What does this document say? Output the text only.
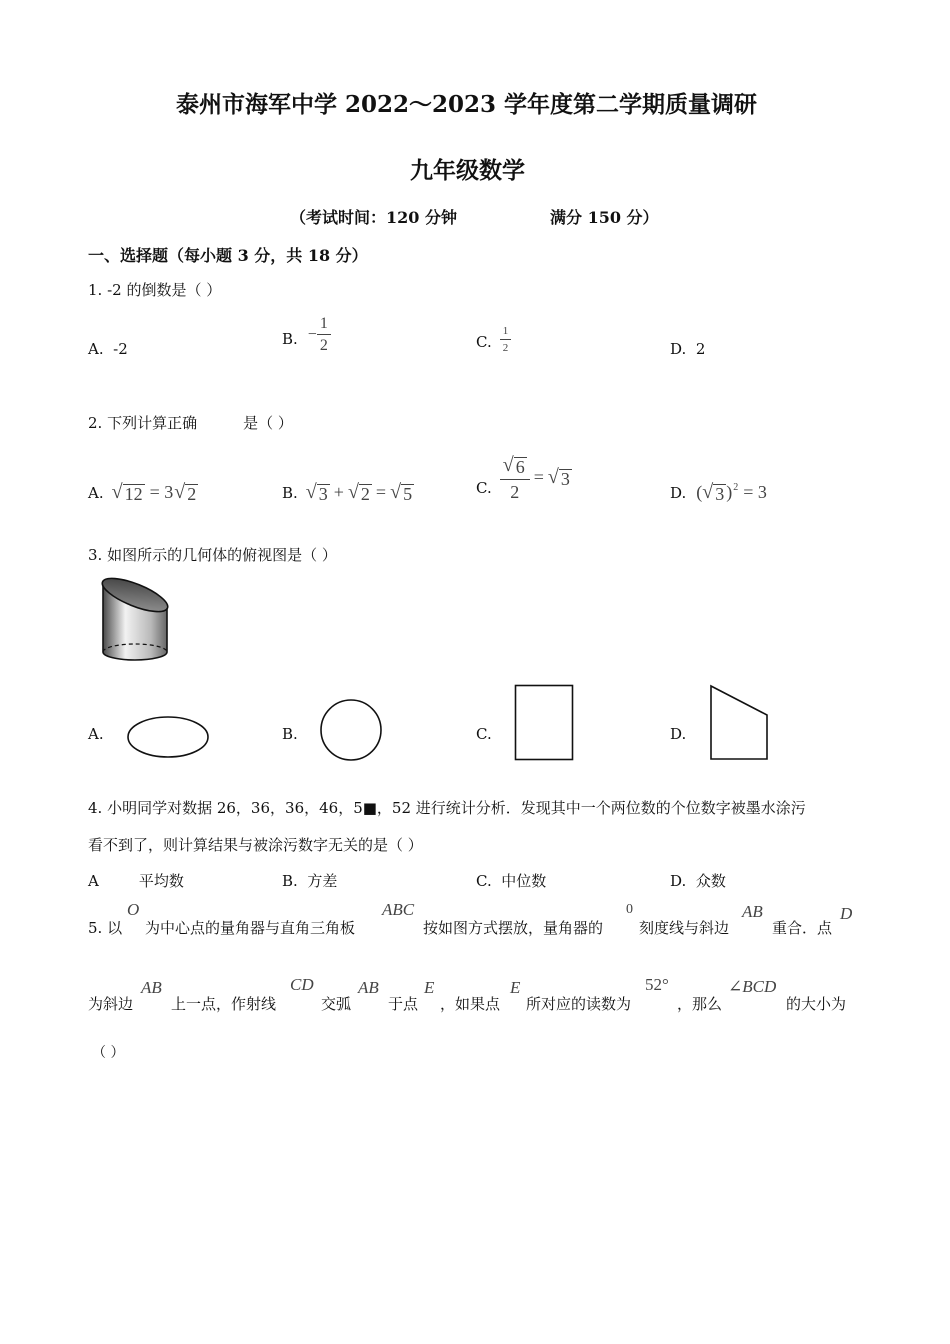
泰州市海军中学 2022～2023 学年度第二学期质量调研
九年级数学
（考试时间：120 分钟	满分 150 分）
一、选择题（每小题 3 分，共 18 分）
1. -2 的倒数是（ ）
A. -2
B. − $\frac{1}{2}$	C. $\frac{1}{2}$	D. 2
2. 下列计算正确	是（ ）
A. √ 12 = 3 √ 2	B. √ 3 + √ 2 = √ 5	C. $\frac{√ 6}{2}$ = √ 3
D. ( √ 3 )$^2$ = 3
3. 如图所示的几何体的俯视图是（ ）
A.	B.	C.	D.
4. 小明同学对数据 26，36，36，46，5■，52 进行统计分析．发现其中一个两位数的个位数字被墨水涂污
看不到了，则计算结果与被涂污数字无关的是（ ）
A	平均数	B. 方差	C. 中位数	D. 众数
5. 以
O
为中心点的量角器与直角三角板
ABC
按如图方式摆放，量角器的
0
刻度线与斜边
AB
重合．点
D
为斜边
AB
上一点，作射线
CD
交弧
AB
于点
E
，如果点
E
所对应的读数为
52°
，那么
∠BCD
的大小为
（ ）
